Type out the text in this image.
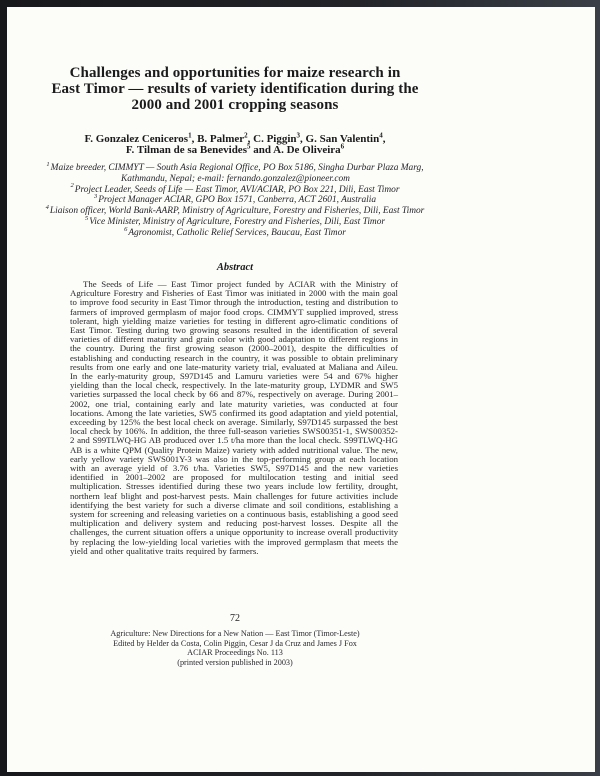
Challenges and opportunities for maize research in
East Timor — results of variety identification during the
2000 and 2001 cropping seasons
F. Gonzalez Ceniceros$^1$, B. Palmer$^2$, C. Piggin$^3$, G. San Valentin$^4$,
F. Tilman de sa Benevides$^5$ and A. De Oliveira$^6$
$^1$Maize breeder, CIMMYT — South Asia Regional Office, PO Box 5186, Singha Durbar Plaza Marg,
Kathmandu, Nepal; e-mail: fernando.gonzalez@pioneer.com
$^2$Project Leader, Seeds of Life — East Timor, AVI/ACIAR, PO Box 221, Dili, East Timor
$^3$Project Manager ACIAR, GPO Box 1571, Canberra, ACT 2601, Australia
$^4$Liaison officer, World Bank-AARP, Ministry of Agriculture, Forestry and Fisheries, Dili, East Timor
$^5$Vice Minister, Ministry of Agriculture, Forestry and Fisheries, Dili, East Timor
$^6$Agronomist, Catholic Relief Services, Baucau, East Timor
Abstract

The Seeds of Life — East Timor project funded by ACIAR with the Ministry of Agriculture Forestry and Fisheries of East Timor was initiated in 2000 with the main goal to improve food security in East Timor through the introduction, testing and distribution to farmers of improved germplasm of major food crops. CIMMYT supplied improved, stress tolerant, high yielding maize varieties for testing in different agro-climatic conditions of East Timor. Testing during two growing seasons resulted in the identification of several varieties of different maturity and grain color with good adaptation to different regions in the country. During the first growing season (2000–2001), despite the difficulties of establishing and conducting research in the country, it was possible to obtain preliminary results from one early and one late-maturity variety trial, evaluated at Maliana and Aileu. In the early-maturity group, S97D145 and Lamuru varieties were 54 and 67% higher yielding than the local check, respectively. In the late-maturity group, LYDMR and SW5 varieties surpassed the local check by 66 and 87%, respectively on average. During 2001–2002, one trial, containing early and late maturity varieties, was conducted at four locations. Among the late varieties, SW5 confirmed its good adaptation and yield potential, exceeding by 125% the best local check on average. Similarly, S97D145 surpassed the best local check by 106%. In addition, the three full-season varieties SWS00351-1, SWS00352-2 and S99TLWQ-HG AB produced over 1.5 t/ha more than the local check. S99TLWQ-HG AB is a white QPM (Quality Protein Maize) variety with added nutritional value. The new, early yellow variety SWS001Y-3 was also in the top-performing group at each location with an average yield of 3.76 t/ha. Varieties SW5, S97D145 and the new varieties identified in 2001–2002 are proposed for multilocation testing and initial seed multiplication. Stresses identified during these two years include low fertility, drought, northern leaf blight and post-harvest pests. Main challenges for future activities include identifying the best variety for such a diverse climate and soil conditions, establishing a system for screening and releasing varieties on a continuous basis, establishing a good seed multiplication and delivery system and reducing post-harvest losses. Despite all the challenges, the current situation offers a unique opportunity to increase overall productivity by replacing the low-yielding local varieties with the improved germplasm that meets the yield and other qualitative traits required by farmers.

72
Agriculture: New Directions for a New Nation — East Timor (Timor-Leste)
Edited by Helder da Costa, Colin Piggin, Cesar J da Cruz and James J Fox
ACIAR Proceedings No. 113
(printed version published in 2003)
